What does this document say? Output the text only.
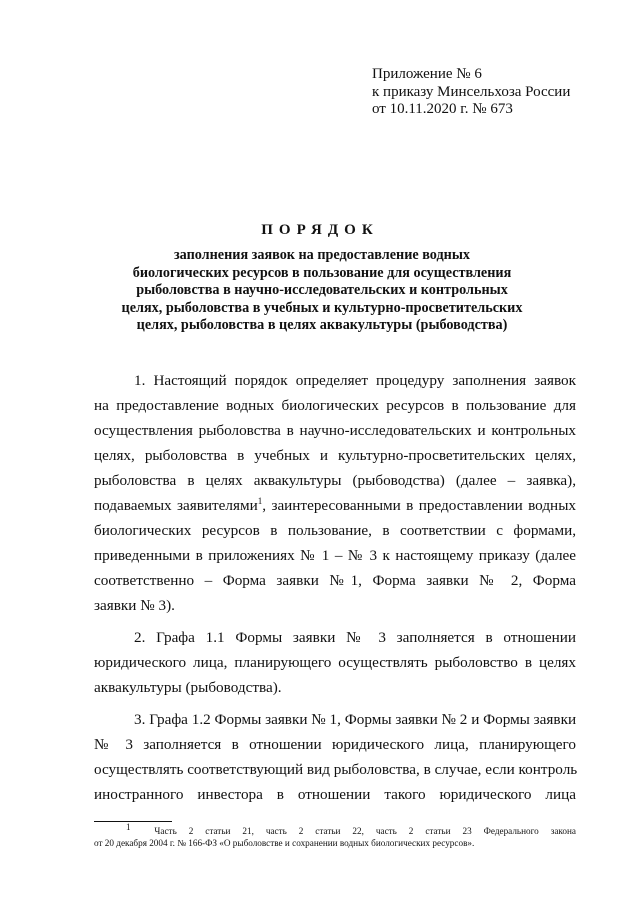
Приложение № 6
к приказу Минсельхоза России
от 10.11.2020 г. № 673
ПОРЯДОК
заполнения заявок на предоставление водных
биологических ресурсов в пользование для осуществления
рыболовства в научно-исследовательских и контрольных
целях, рыболовства в учебных и культурно-просветительских
целях, рыболовства в целях аквакультуры (рыбоводства)
1. Настоящий порядок определяет процедуру заполнения заявок
на предоставление водных биологических ресурсов в пользование для
осуществления рыболовства в научно-исследовательских и контрольных
целях, рыболовства в учебных и культурно-просветительских целях,
рыболовства в целях аквакультуры (рыбоводства) (далее – заявка),
подаваемых заявителями$^1$, заинтересованными в предоставлении водных
биологических ресурсов в пользование, в соответствии с формами,
приведенными в приложениях № 1 – № 3 к настоящему приказу (далее
соответственно – Форма заявки №1, Форма заявки № 2, Форма
заявки № 3).
2. Графа 1.1 Формы заявки № 3 заполняется в отношении
юридического лица, планирующего осуществлять рыболовство в целях
аквакультуры (рыбоводства).
3. Графа 1.2 Формы заявки № 1, Формы заявки № 2 и Формы заявки
№ 3 заполняется в отношении юридического лица, планирующего
осуществлять соответствующий вид рыболовства, в случае, если контроль
иностранного инвестора в отношении такого юридического лица
1	Часть 2 статьи 21, часть 2 статьи 22, часть 2 статьи 23 Федерального закона
от 20 декабря 2004 г. № 166-ФЗ «О рыболовстве и сохранении водных биологических ресурсов».
